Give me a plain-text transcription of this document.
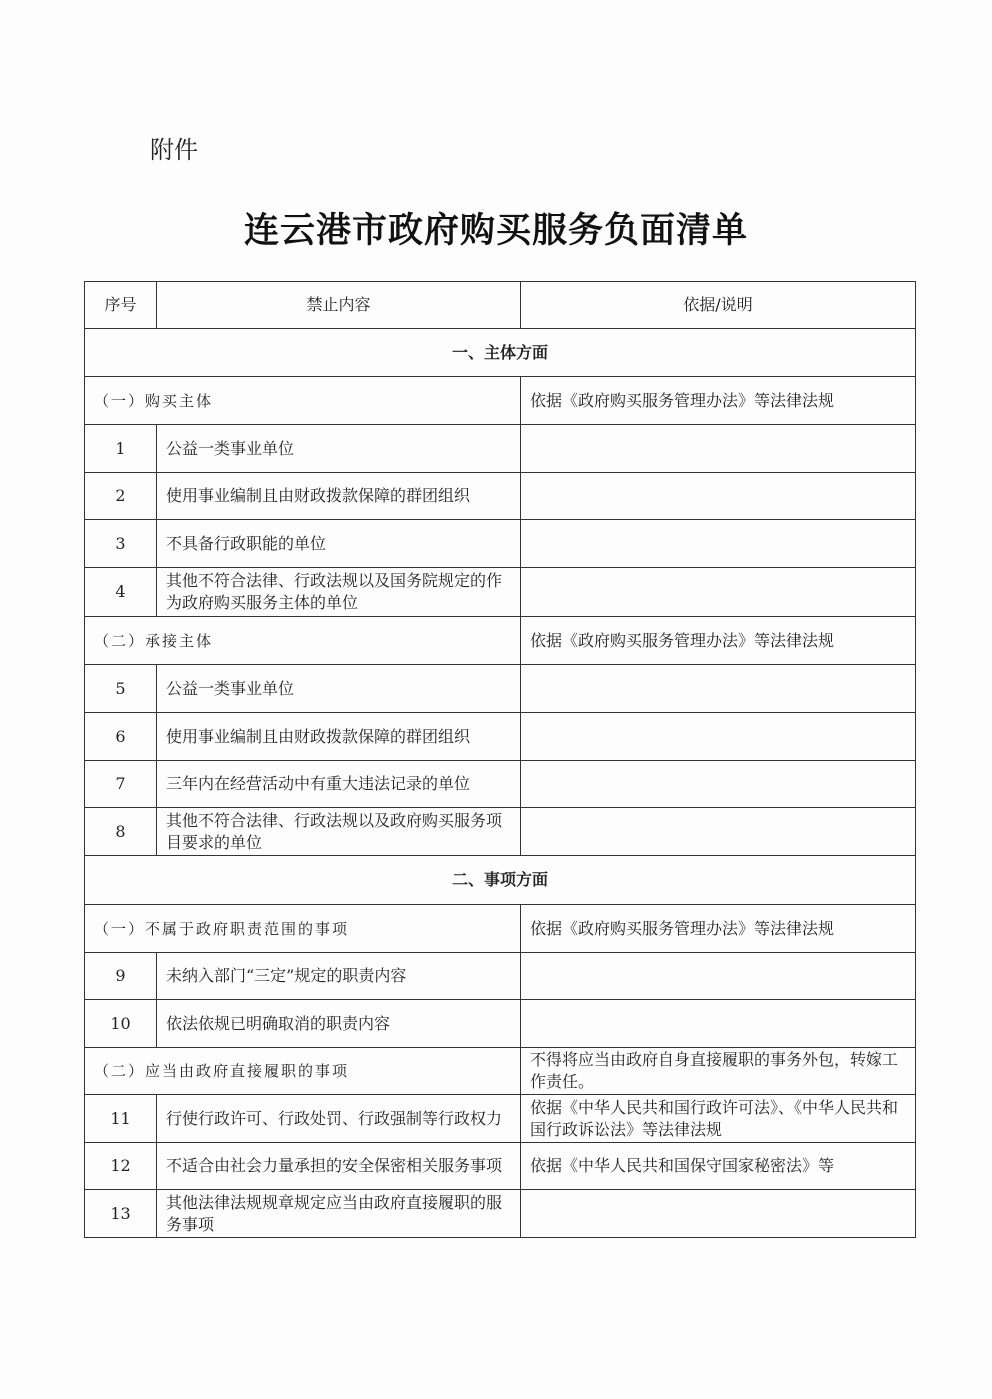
附件
连云港市政府购买服务负面清单
序号	禁止内容	依据/说明
一、主体方面		
（一）购买主体		依据《政府购买服务管理办法》等法律法规
1	公益一类事业单位	
2	使用事业编制且由财政拨款保障的群团组织	
3	不具备行政职能的单位	
4	其他不符合法律、行政法规以及国务院规定的作为政府购买服务主体的单位	
（二）承接主体		依据《政府购买服务管理办法》等法律法规
5	公益一类事业单位	
6	使用事业编制且由财政拨款保障的群团组织	
7	三年内在经营活动中有重大违法记录的单位	
8	其他不符合法律、行政法规以及政府购买服务项目要求的单位	
二、事项方面		
（一）不属于政府职责范围的事项		依据《政府购买服务管理办法》等法律法规
9	未纳入部门“三定”规定的职责内容	
10	依法依规已明确取消的职责内容	
（二）应当由政府直接履职的事项		不得将应当由政府自身直接履职的事务外包，转嫁工作责任。
11	行使行政许可、行政处罚、行政强制等行政权力	依据《中华人民共和国行政许可法》、《中华人民共和国行政诉讼法》等法律法规
12	不适合由社会力量承担的安全保密相关服务事项	依据《中华人民共和国保守国家秘密法》等
13	其他法律法规规章规定应当由政府直接履职的服务事项	
